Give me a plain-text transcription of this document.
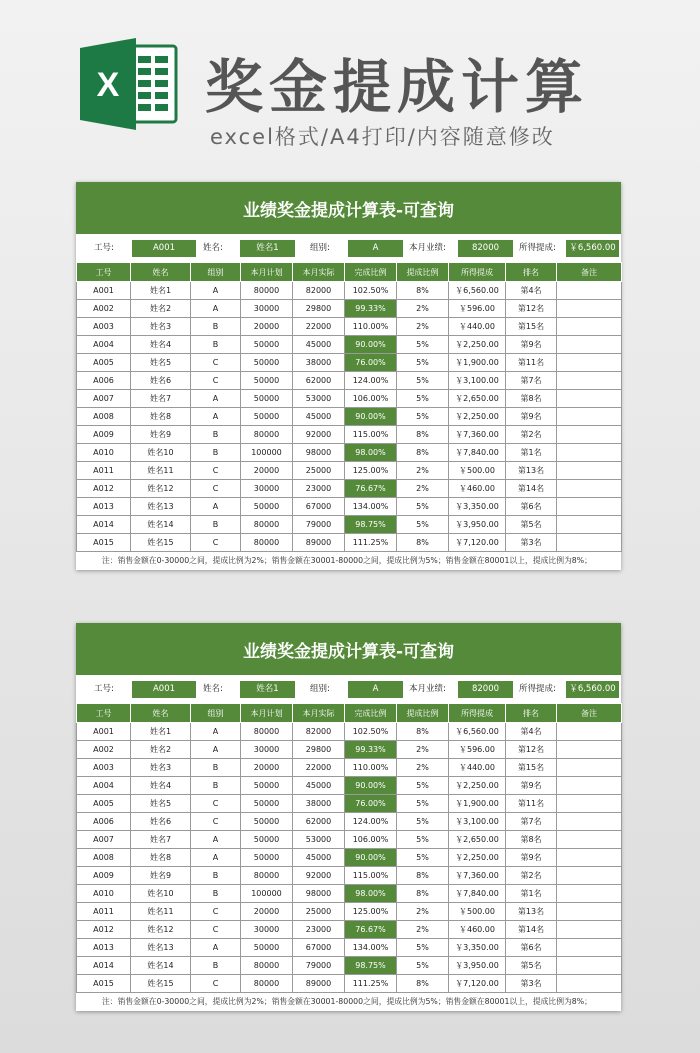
X 奖金提成计算
excel格式/A4打印/内容随意修改
业绩奖金提成计算表-可查询
工号:	A001	姓名:	姓名1	组别:	A	本月业绩:	82000	所得提成:	￥6,560.00
工号	姓名	组别	本月计划	本月实际	完成比例	提成比例	所得提成	排名	备注
A001	姓名1	A	80000	82000	102.50%	8%	￥6,560.00	第4名	
A002	姓名2	A	30000	29800	99.33%	2%	￥596.00	第12名	
A003	姓名3	B	20000	22000	110.00%	2%	￥440.00	第15名	
A004	姓名4	B	50000	45000	90.00%	5%	￥2,250.00	第9名	
A005	姓名5	C	50000	38000	76.00%	5%	￥1,900.00	第11名	
A006	姓名6	C	50000	62000	124.00%	5%	￥3,100.00	第7名	
A007	姓名7	A	50000	53000	106.00%	5%	￥2,650.00	第8名	
A008	姓名8	A	50000	45000	90.00%	5%	￥2,250.00	第9名	
A009	姓名9	B	80000	92000	115.00%	8%	￥7,360.00	第2名	
A010	姓名10	B	100000	98000	98.00%	8%	￥7,840.00	第1名	
A011	姓名11	C	20000	25000	125.00%	2%	￥500.00	第13名	
A012	姓名12	C	30000	23000	76.67%	2%	￥460.00	第14名	
A013	姓名13	A	50000	67000	134.00%	5%	￥3,350.00	第6名	
A014	姓名14	B	80000	79000	98.75%	5%	￥3,950.00	第5名	
A015	姓名15	C	80000	89000	111.25%	8%	￥7,120.00	第3名	
注：销售金额在0-30000之间，提成比例为2%；销售金额在30001-80000之间，提成比例为5%；销售金额在80001以上，提成比例为8%；
业绩奖金提成计算表-可查询
工号:	A001	姓名:	姓名1	组别:	A	本月业绩:	82000	所得提成:	￥6,560.00
工号	姓名	组别	本月计划	本月实际	完成比例	提成比例	所得提成	排名	备注
A001	姓名1	A	80000	82000	102.50%	8%	￥6,560.00	第4名	
A002	姓名2	A	30000	29800	99.33%	2%	￥596.00	第12名	
A003	姓名3	B	20000	22000	110.00%	2%	￥440.00	第15名	
A004	姓名4	B	50000	45000	90.00%	5%	￥2,250.00	第9名	
A005	姓名5	C	50000	38000	76.00%	5%	￥1,900.00	第11名	
A006	姓名6	C	50000	62000	124.00%	5%	￥3,100.00	第7名	
A007	姓名7	A	50000	53000	106.00%	5%	￥2,650.00	第8名	
A008	姓名8	A	50000	45000	90.00%	5%	￥2,250.00	第9名	
A009	姓名9	B	80000	92000	115.00%	8%	￥7,360.00	第2名	
A010	姓名10	B	100000	98000	98.00%	8%	￥7,840.00	第1名	
A011	姓名11	C	20000	25000	125.00%	2%	￥500.00	第13名	
A012	姓名12	C	30000	23000	76.67%	2%	￥460.00	第14名	
A013	姓名13	A	50000	67000	134.00%	5%	￥3,350.00	第6名	
A014	姓名14	B	80000	79000	98.75%	5%	￥3,950.00	第5名	
A015	姓名15	C	80000	89000	111.25%	8%	￥7,120.00	第3名	
注：销售金额在0-30000之间，提成比例为2%；销售金额在30001-80000之间，提成比例为5%；销售金额在80001以上，提成比例为8%；
